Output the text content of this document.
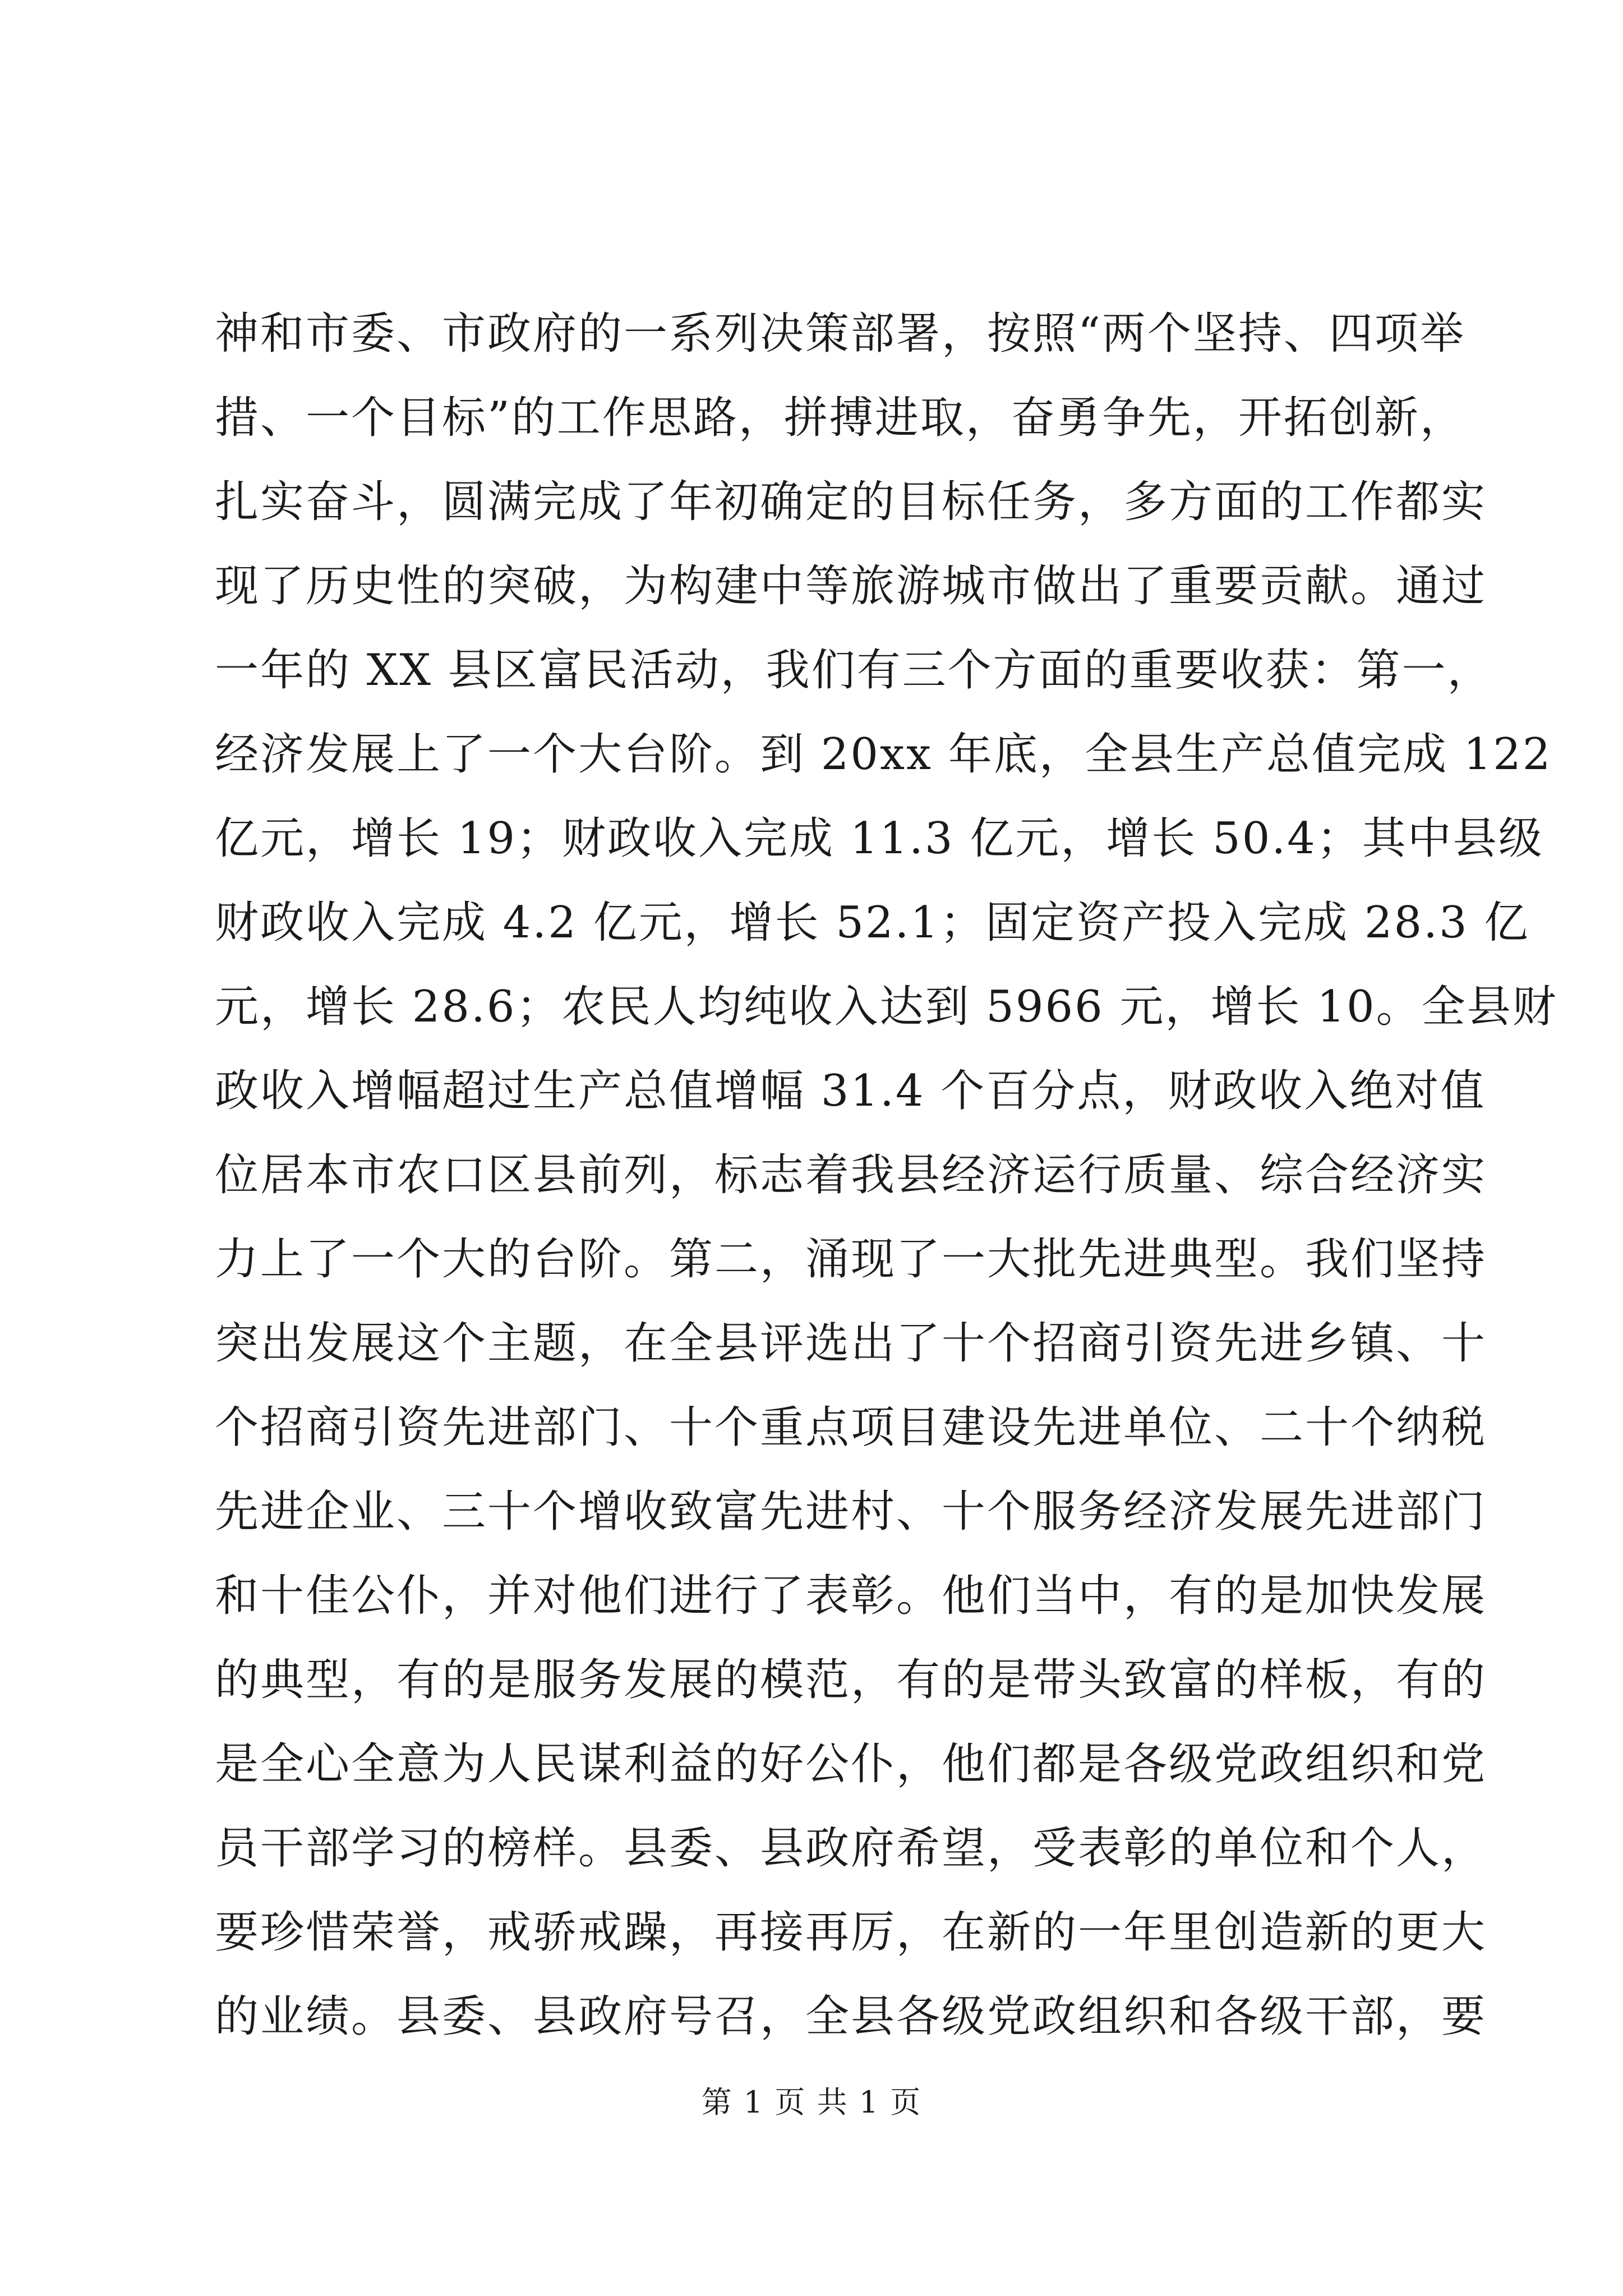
神和市委、市政府的一系列决策部署，按照“两个坚持、四项举
措、一个目标”的工作思路，拼搏进取，奋勇争先，开拓创新，
扎实奋斗，圆满完成了年初确定的目标任务，多方面的工作都实
现了历史性的突破，为构建中等旅游城市做出了重要贡献。通过
一年的 XX 县区富民活动，我们有三个方面的重要收获：第一，
经济发展上了一个大台阶。到 20xx 年底，全县生产总值完成 122
亿元，增长 19；财政收入完成 11.3 亿元，增长 50.4；其中县级
财政收入完成 4.2 亿元，增长 52.1；固定资产投入完成 28.3 亿
元，增长 28.6；农民人均纯收入达到 5966 元，增长 10。全县财
政收入增幅超过生产总值增幅 31.4 个百分点，财政收入绝对值
位居本市农口区县前列，标志着我县经济运行质量、综合经济实
力上了一个大的台阶。第二，涌现了一大批先进典型。我们坚持
突出发展这个主题，在全县评选出了十个招商引资先进乡镇、十
个招商引资先进部门、十个重点项目建设先进单位、二十个纳税
先进企业、三十个增收致富先进村、十个服务经济发展先进部门
和十佳公仆，并对他们进行了表彰。他们当中，有的是加快发展
的典型，有的是服务发展的模范，有的是带头致富的样板，有的
是全心全意为人民谋利益的好公仆，他们都是各级党政组织和党
员干部学习的榜样。县委、县政府希望，受表彰的单位和个人，
要珍惜荣誉，戒骄戒躁，再接再厉，在新的一年里创造新的更大
的业绩。县委、县政府号召，全县各级党政组织和各级干部，要
第 1 页 共 1 页
